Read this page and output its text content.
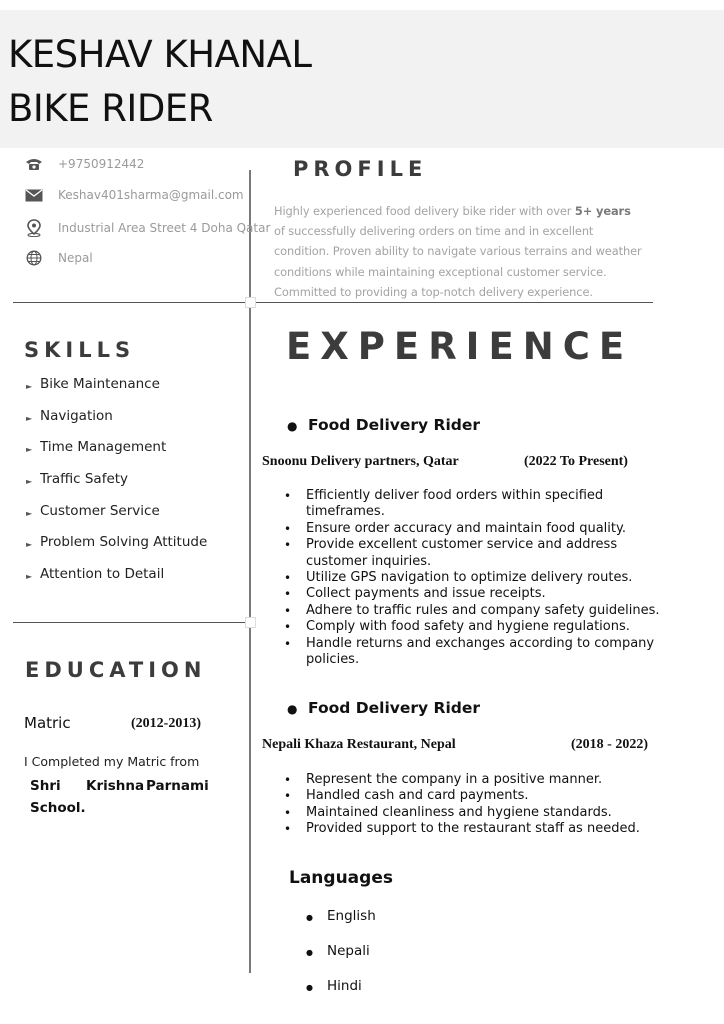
KESHAV KHANAL
BIKE RIDER
+9750912442
Keshav401sharma@gmail.com
Industrial Area Street 4 Doha Qatar
Nepal
PROFILE
Highly experienced food delivery bike rider with over 5+ years of successfully delivering orders on time and in excellent condition. Proven ability to navigate various terrains and weather conditions while maintaining exceptional customer service. Committed to providing a top-notch delivery experience.
SKILLS
► Bike Maintenance
► Navigation
► Time Management
► Traffic Safety
► Customer Service
► Problem Solving Attitude
► Attention to Detail
EDUCATION
Matric	(2012-2013)
I Completed my Matric from
Shri Krishna Parnami
School.
EXPERIENCE
● Food Delivery Rider
Snoonu Delivery partners, Qatar	(2022 To Present)
• Efficiently deliver food orders within specified timeframes.
• Ensure order accuracy and maintain food quality.
• Provide excellent customer service and address customer inquiries.
• Utilize GPS navigation to optimize delivery routes.
• Collect payments and issue receipts.
• Adhere to traffic rules and company safety guidelines.
• Comply with food safety and hygiene regulations.
• Handle returns and exchanges according to company policies.
● Food Delivery Rider
Nepali Khaza Restaurant, Nepal	(2018 - 2022)
• Represent the company in a positive manner.
• Handled cash and card payments.
• Maintained cleanliness and hygiene standards.
• Provided support to the restaurant staff as needed.
Languages
●	English
●	Nepali
●	Hindi
